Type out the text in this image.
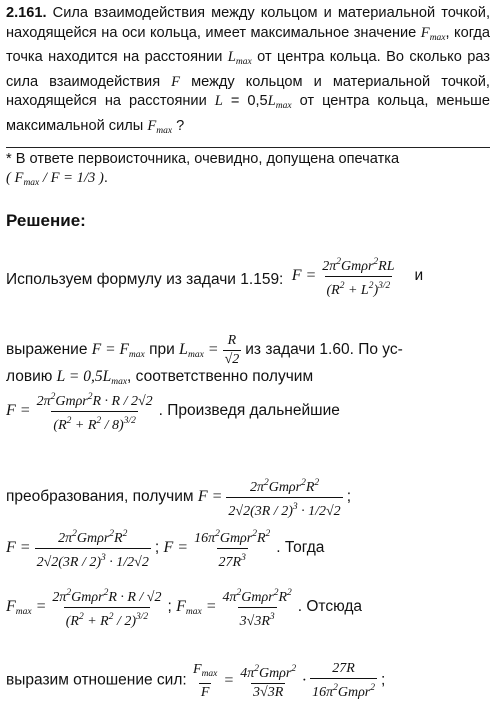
2.161. Сила взаимодействия между кольцом и материальной точкой, находящейся на оси кольца, имеет максимальное значение $F_{max}$, когда точка находится на расстоянии $L_{max}$ от центра кольца. Во сколько раз сила взаимодействия F между кольцом и материальной точкой, находящейся на расстоянии $L = 0,5L_{max}$ от центра кольца, меньше максимальной силы $F_{max}$ ?
* В ответе первоисточника, очевидно, допущена опечатка
( $F_{max} / F = 1/3$ ).
Решение:
Используем формулу из задачи 1.159: F =
$2\pi^2Gm\rho r^2RL$
$(R^2 + L^2)^{3/2}$
и
выражение $F = F_{max}$ при $L_{max} = \frac{R}{√2}$ из задачи 1.60. По ус-
ловию $L = 0,5L_{max}$, соответственно получим
F =
$2\pi^2Gm\rho r^2R \cdot R / 2√2$
$(R^2 + R^2 / 8)^{3/2}$
. Произведя дальнейшие
преобразования, получим F =
$2\pi^2Gm\rho r^2R^2$
2√2(3R / 2)$^3$ · 1/2√2
;
F =
$2\pi^2Gm\rho r^2R^2$
2√2(3R / 2)$^3$ · 1/2√2
; F =
$16\pi^2Gm\rho r^2R^2$
$27R^3$
. Тогда
$F_{max}$ =
$2\pi^2Gm\rho r^2R \cdot R / √2$
$(R^2 + R^2 / 2)^{3/2}$
; $F_{max}$ =
$4\pi^2Gm\rho r^2R^2$
$3√3R^3$
. Отсюда
выразим отношение сил:
$F_{max}$
F
= $4\pi^2Gm\rho r^2$
3√3R
·
27R
$16\pi^2Gm\rho r^2$ ;
